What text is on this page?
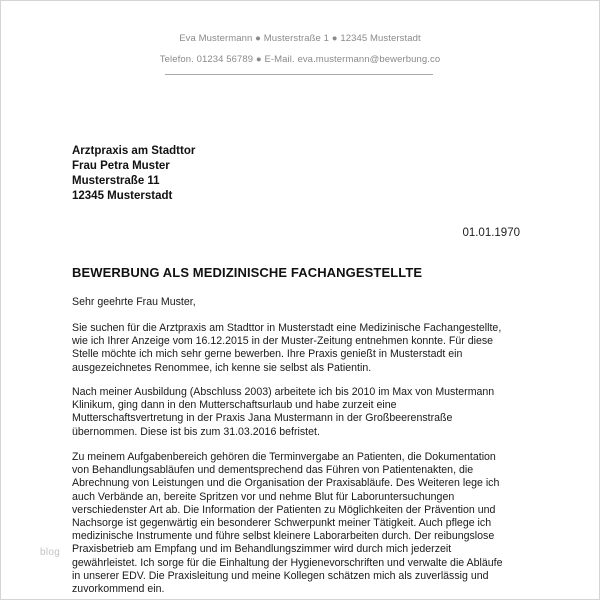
Eva Mustermann ● Musterstraße 1 ● 12345 Musterstadt
Telefon. 01234 56789 ● E-Mail. eva.mustermann@bewerbung.co
Arztpraxis am Stadttor
Frau Petra Muster
Musterstraße 11
12345 Musterstadt
01.01.1970
BEWERBUNG ALS MEDIZINISCHE FACHANGESTELLTE
Sehr geehrte Frau Muster,
Sie suchen für die Arztpraxis am Stadttor in Musterstadt eine Medizinische Fachangestellte,
wie ich Ihrer Anzeige vom 16.12.2015 in der Muster-Zeitung entnehmen konnte. Für diese
Stelle möchte ich mich sehr gerne bewerben. Ihre Praxis genießt in Musterstadt ein
ausgezeichnetes Renommee, ich kenne sie selbst als Patientin.
Nach meiner Ausbildung (Abschluss 2003) arbeitete ich bis 2010 im Max von Mustermann
Klinikum, ging dann in den Mutterschaftsurlaub und habe zurzeit eine
Mutterschaftsvertretung in der Praxis Jana Mustermann in der Großbeerenstraße
übernommen. Diese ist bis zum 31.03.2016 befristet.
Zu meinem Aufgabenbereich gehören die Terminvergabe an Patienten, die Dokumentation
von Behandlungsabläufen und dementsprechend das Führen von Patientenakten, die
Abrechnung von Leistungen und die Organisation der Praxisabläufe. Des Weiteren lege ich
auch Verbände an, bereite Spritzen vor und nehme Blut für Laboruntersuchungen
verschiedenster Art ab. Die Information der Patienten zu Möglichkeiten der Prävention und
Nachsorge ist gegenwärtig ein besonderer Schwerpunkt meiner Tätigkeit. Auch pflege ich
medizinische Instrumente und führe selbst kleinere Laborarbeiten durch. Der reibungslose
Praxisbetrieb am Empfang und im Behandlungszimmer wird durch mich jederzeit
gewährleistet. Ich sorge für die Einhaltung der Hygienevorschriften und verwalte die Abläufe
in unserer EDV. Die Praxisleitung und meine Kollegen schätzen mich als zuverlässig und
zuvorkommend ein.
blog
